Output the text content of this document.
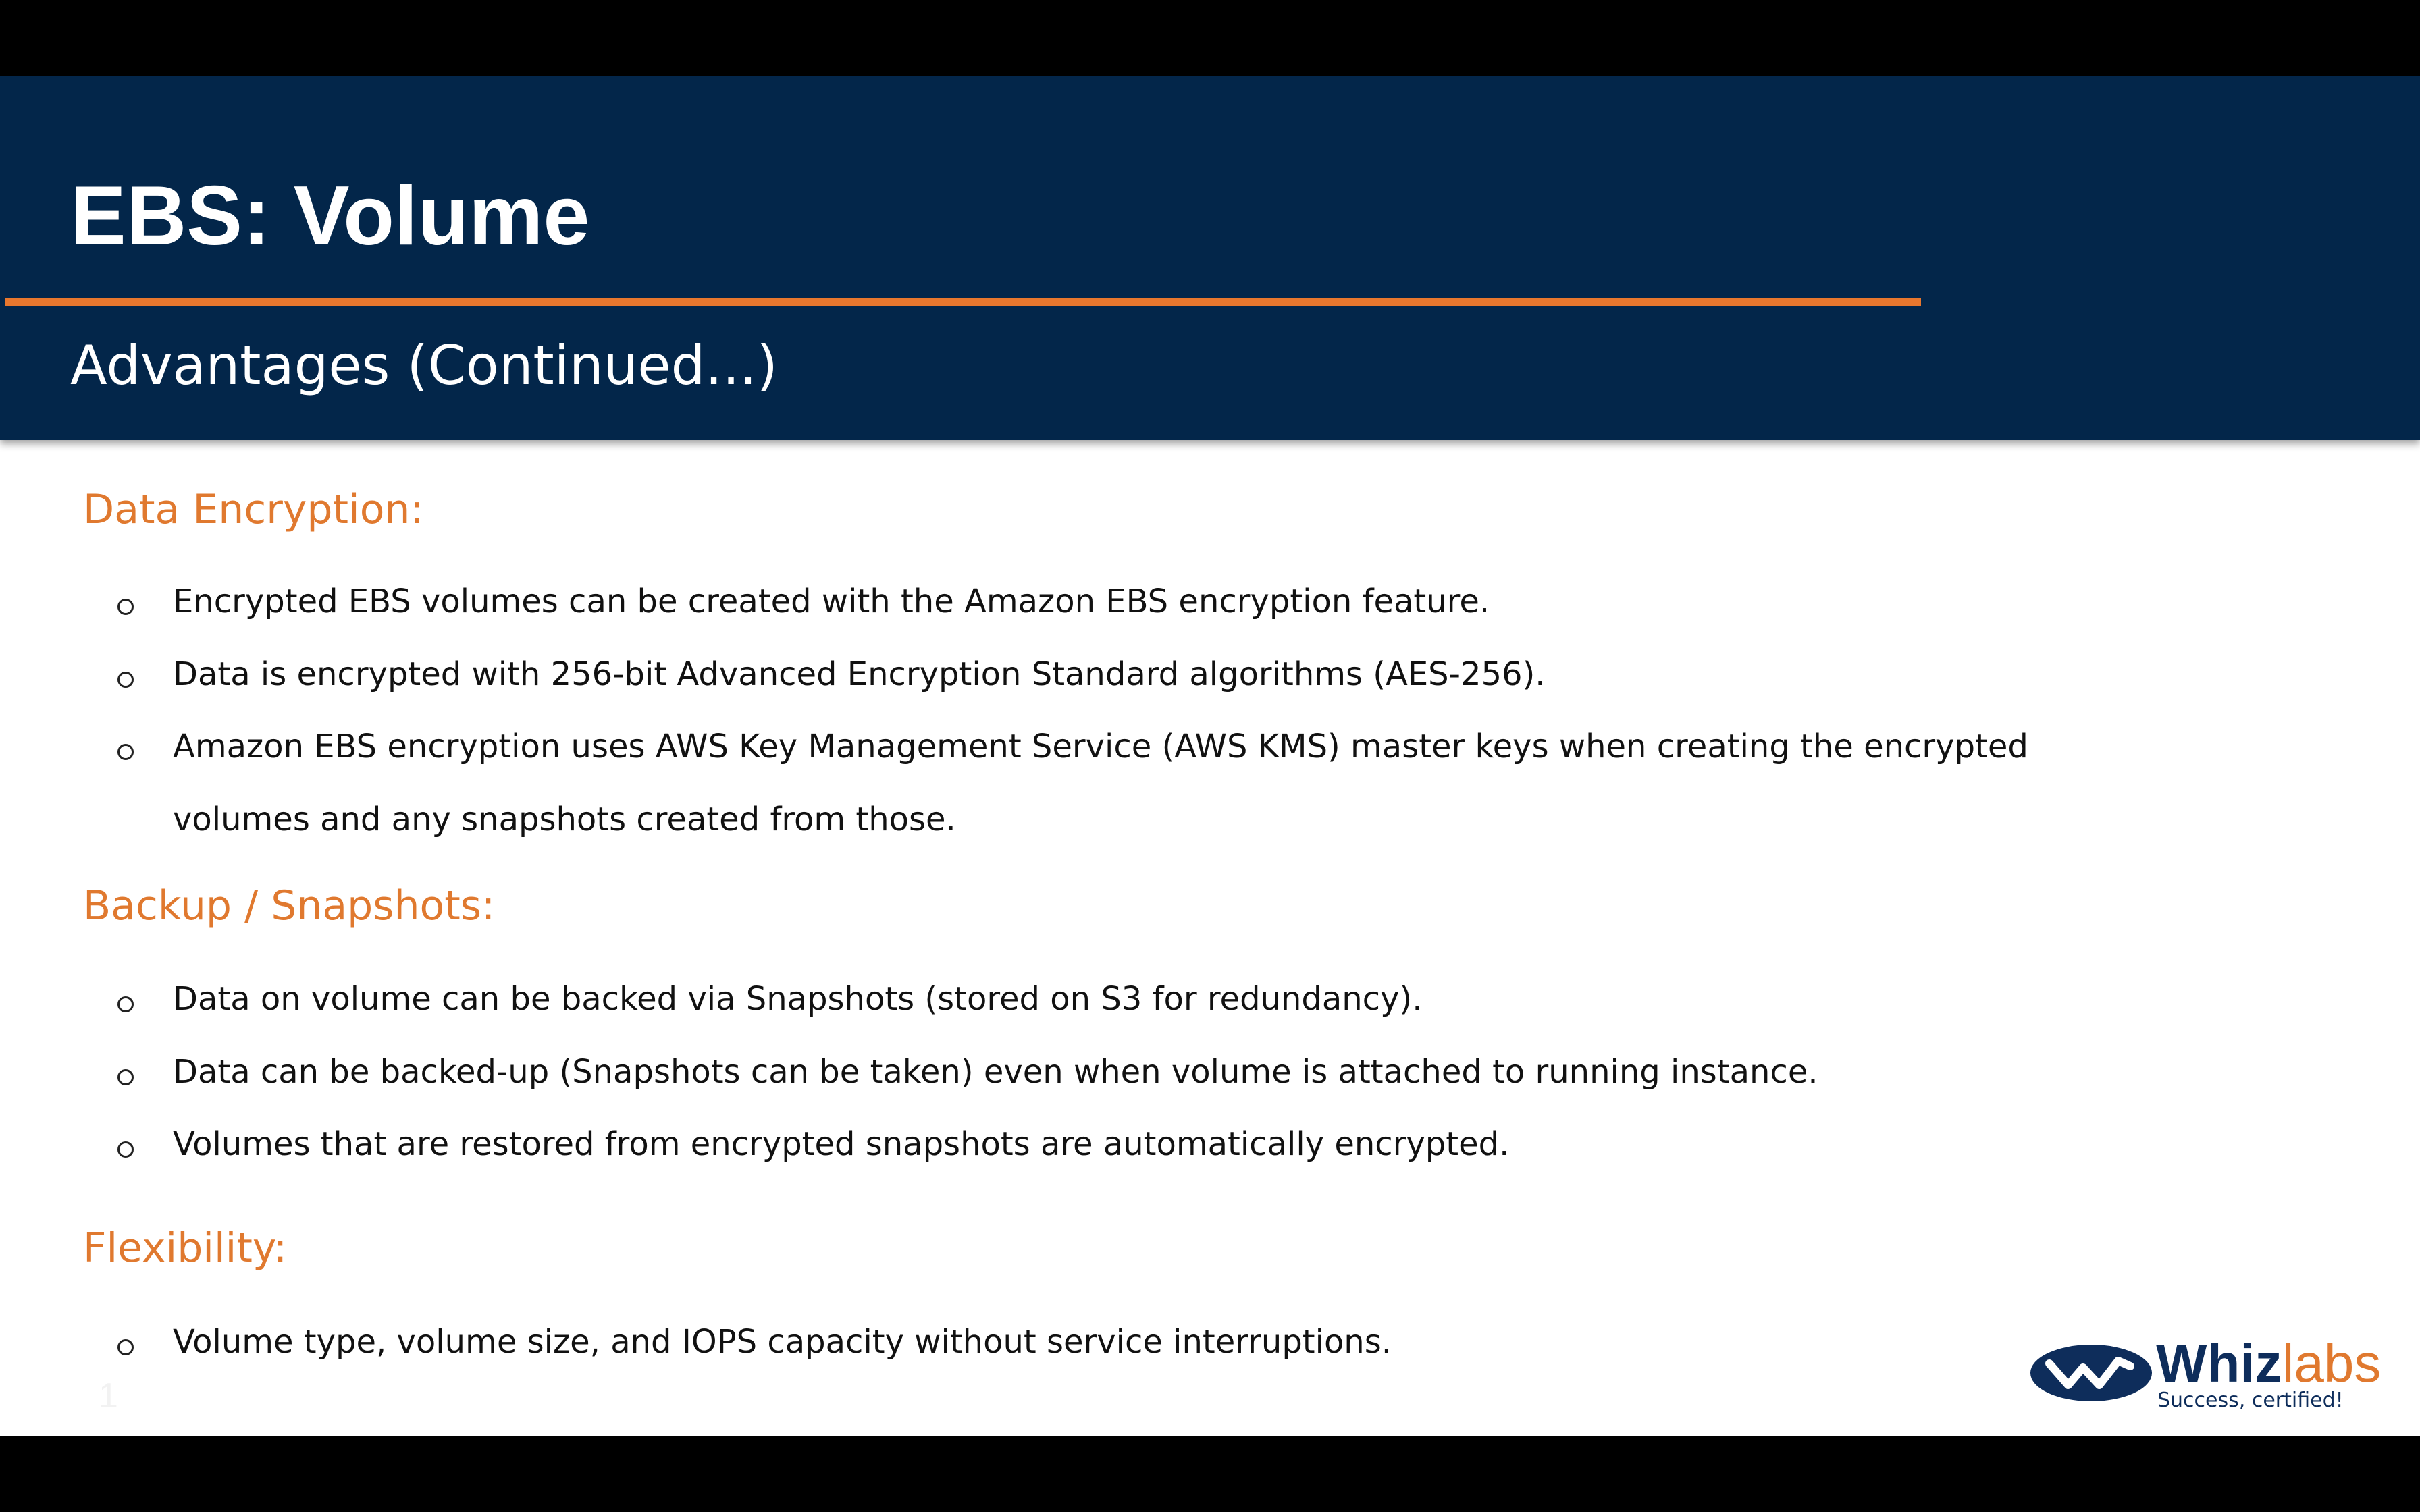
EBS: Volume
Advantages (Continued...)
Data Encryption:

Encrypted EBS volumes can be created with the Amazon EBS encryption feature.

Data is encrypted with 256-bit Advanced Encryption Standard algorithms (AES-256).

Amazon EBS encryption uses AWS Key Management Service (AWS KMS) master keys when creating the encrypted

volumes and any snapshots created from those.

Backup / Snapshots:

Data on volume can be backed via Snapshots (stored on S3 for redundancy).

Data can be backed-up (Snapshots can be taken) even when volume is attached to running instance.

Volumes that are restored from encrypted snapshots are automatically encrypted.

Flexibility:

Volume type, volume size, and IOPS capacity without service interruptions.

1
Whizlabs
Success, certified!
